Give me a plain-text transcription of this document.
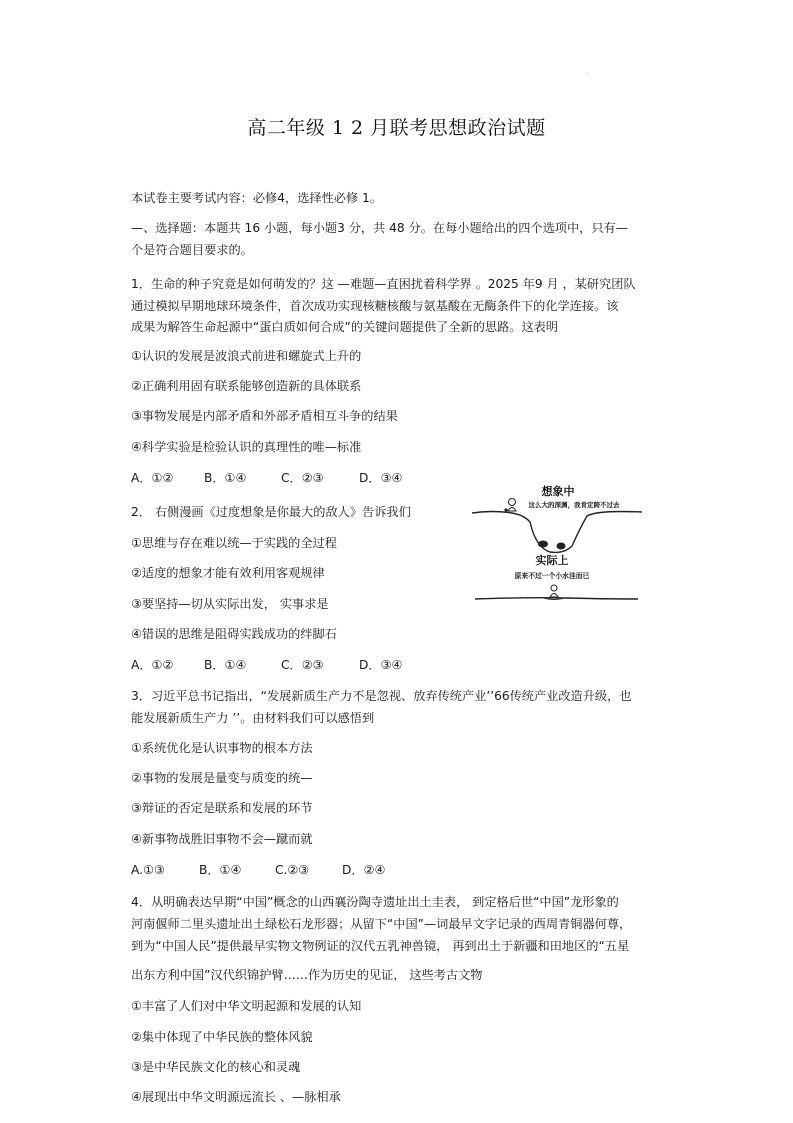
·
高二年级 1 2 月联考思想政治试题
本试卷主要考试内容：必修4，选择性必修 1。
—、选择题：本题共 16 小题，每小题3 分，共 48 分。在每小题给出的四个选项中，只有—
个是符合题目要求的。
1．生命的种子究竟是如何萌发的？这 —难题—直困扰着科学界 。2025 年9 月 ，某研究团队
通过模拟早期地球环境条件，首次成功实现核糖核酸与氨基酸在无酶条件下的化学连接。该
成果为解答生命起源中“蛋白质如何合成”的关键问题提供了全新的思路。这表明
①认识的发展是波浪式前进和螺旋式上升的
②正确利用固有联系能够创造新的具体联系
③事物发展是内部矛盾和外部矛盾相互斗争的结果
④科学实验是检验认识的真理性的唯—标准
A．①②	B．①④	C．②③	D．③④
2． 右侧漫画《过度想象是你最大的敌人》告诉我们
①思维与存在难以统—于实践的全过程
②适度的想象才能有效利用客观规律
③要坚持—切从实际出发， 实事求是
④错误的思维是阻碍实践成功的绊脚石
A．①②	B．①④	C．②③	D．③④
想象中
这么大的深渊，我肯定跨不过去
实际上
原来不过一个小水洼而已
3．习近平总书记指出，“发展新质生产力不是忽视、放弃传统产业’’66传统产业改造升级，也
能发展新质生产力 ’’。由材料我们可以感悟到
①系统优化是认识事物的根本方法
②事物的发展是量变与质变的统—
③辩证的否定是联系和发展的环节
④新事物战胜旧事物不会—蹴而就
A.①③	B．①④	C.②③	D．②④
4．从明确表达早期“中国”概念的山西襄汾陶寺遗址出土圭表， 到定格后世“中国”龙形象的
河南偃师二里头遗址出土绿松石龙形器；从留下“中国”—词最早文字记录的西周青铜器何尊，
到为“中国人民”提供最早实物文物例证的汉代五乳神兽镜， 再到出土于新疆和田地区的“五星
出东方利中国”汉代织锦护臂……作为历史的见证， 这些考古文物
①丰富了人们对中华文明起源和发展的认知
②集中体现了中华民族的整体风貌
③是中华民族文化的核心和灵魂
④展现出中华文明源远流长 、—脉相承
